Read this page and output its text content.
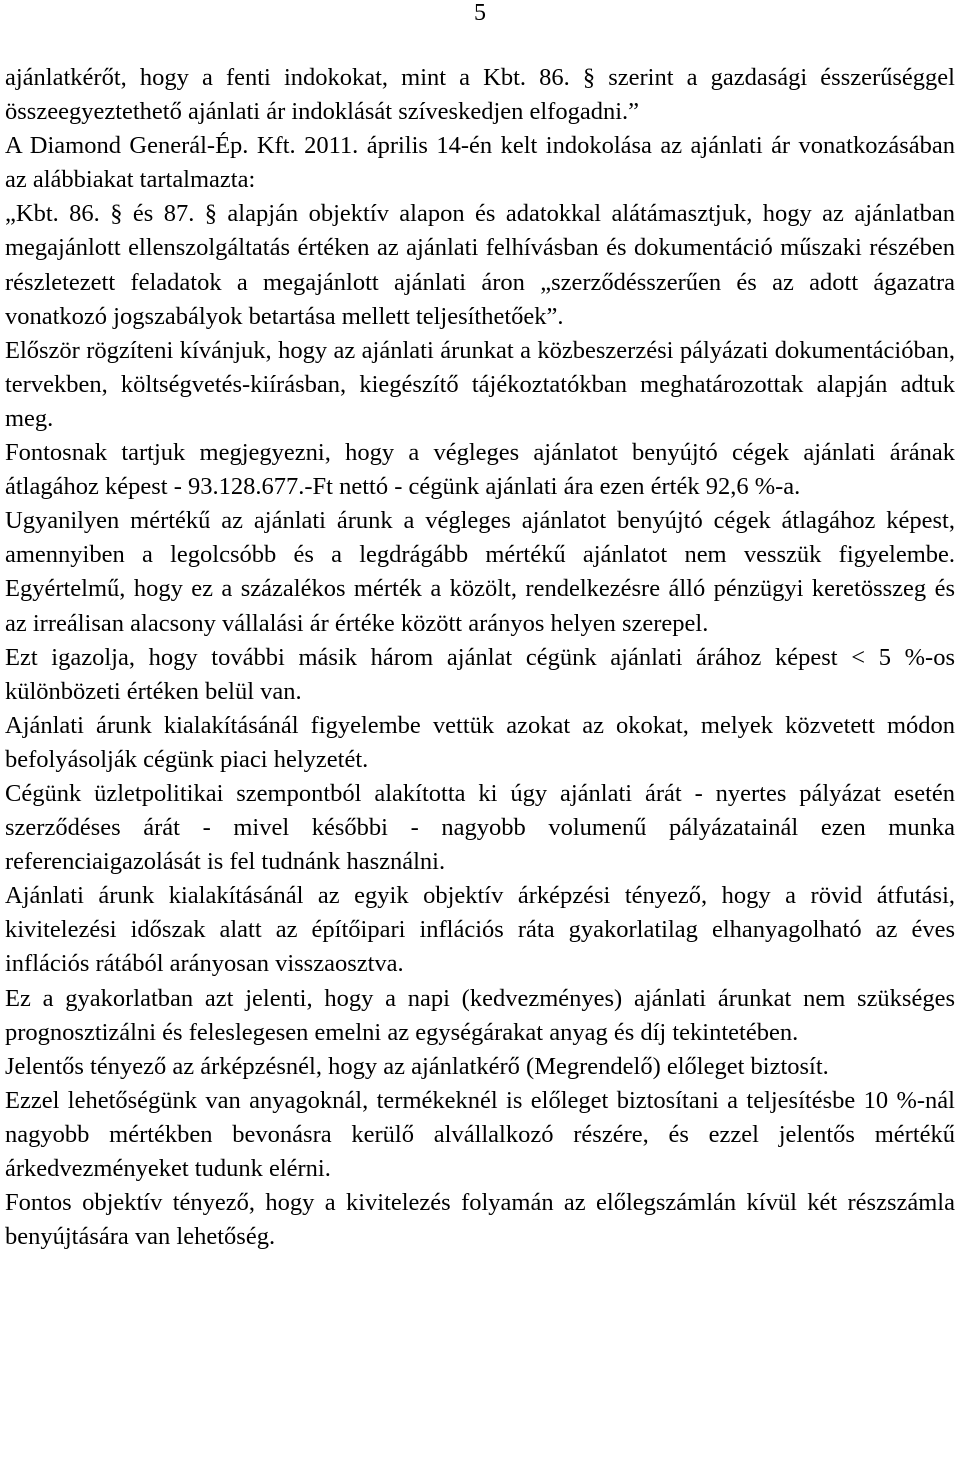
5

ajánlatkérőt, hogy a fenti indokokat, mint a Kbt. 86. § szerint a gazdasági ésszerűséggel összeegyeztethető ajánlati ár indoklását szíveskedjen elfogadni.”

A Diamond Generál-Ép. Kft. 2011. április 14-én kelt indokolása az ajánlati ár vonatkozásában az alábbiakat tartalmazta:

„Kbt. 86. § és 87. § alapján objektív alapon és adatokkal alátámasztjuk, hogy az ajánlatban megajánlott ellenszolgáltatás értéken az ajánlati felhívásban és dokumentáció műszaki részében részletezett feladatok a megajánlott ajánlati áron „szerződésszerűen és az adott ágazatra vonatkozó jogszabályok betartása mellett teljesíthetőek”.

Először rögzíteni kívánjuk, hogy az ajánlati árunkat a közbeszerzési pályázati dokumentációban, tervekben, költségvetés-kiírásban, kiegészítő tájékoztatókban meghatározottak alapján adtuk meg.

Fontosnak tartjuk megjegyezni, hogy a végleges ajánlatot benyújtó cégek ajánlati árának átlagához képest - 93.128.677.-Ft nettó - cégünk ajánlati ára ezen érték 92,6 %-a.

Ugyanilyen mértékű az ajánlati árunk a végleges ajánlatot benyújtó cégek átlagához képest, amennyiben a legolcsóbb és a legdrágább mértékű ajánlatot nem vesszük figyelembe. Egyértelmű, hogy ez a százalékos mérték a közölt, rendelkezésre álló pénzügyi keretösszeg és az irreálisan alacsony vállalási ár értéke között arányos helyen szerepel.

Ezt igazolja, hogy további másik három ajánlat cégünk ajánlati árához képest < 5 %-os különbözeti értéken belül van.

Ajánlati árunk kialakításánál figyelembe vettük azokat az okokat, melyek közvetett módon befolyásolják cégünk piaci helyzetét.

Cégünk üzletpolitikai szempontból alakította ki úgy ajánlati árát - nyertes pályázat esetén szerződéses árát - mivel későbbi - nagyobb volumenű pályázatainál ezen munka referenciaigazolását is fel tudnánk használni.

Ajánlati árunk kialakításánál az egyik objektív árképzési tényező, hogy a rövid átfutási, kivitelezési időszak alatt az építőipari inflációs ráta gyakorlatilag elhanyagolható az éves inflációs rátából arányosan visszaosztva.

Ez a gyakorlatban azt jelenti, hogy a napi (kedvezményes) ajánlati árunkat nem szükséges prognosztizálni és feleslegesen emelni az egységárakat anyag és díj tekintetében.

Jelentős tényező az árképzésnél, hogy az ajánlatkérő (Megrendelő) előleget biztosít.

Ezzel lehetőségünk van anyagoknál, termékeknél is előleget biztosítani a teljesítésbe 10 %-nál nagyobb mértékben bevonásra kerülő alvállalkozó részére, és ezzel jelentős mértékű árkedvezményeket tudunk elérni.

Fontos objektív tényező, hogy a kivitelezés folyamán az előlegszámlán kívül két részszámla benyújtására van lehetőség.
